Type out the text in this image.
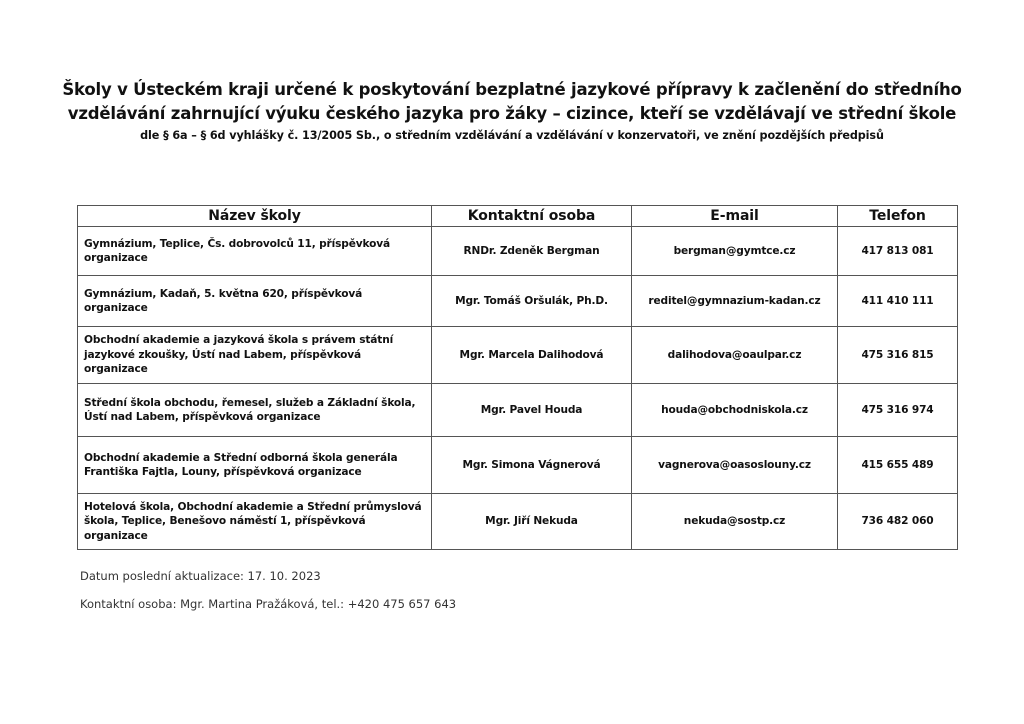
Školy v Ústeckém kraji určené k poskytování bezplatné jazykové přípravy k začlenění do středního vzdělávání zahrnující výuku českého jazyka pro žáky – cizince, kteří se vzdělávají ve střední škole
dle § 6a – § 6d vyhlášky č. 13/2005 Sb., o středním vzdělávání a vzdělávání v konzervatoři, ve znění pozdějších předpisů
Název školy	Kontaktní osoba	E-mail	Telefon
Gymnázium, Teplice, Čs. dobrovolců 11, příspěvková organizace	RNDr. Zdeněk Bergman	bergman@gymtce.cz	417 813 081
Gymnázium, Kadaň, 5. května 620, příspěvková organizace	Mgr. Tomáš Oršulák, Ph.D.	reditel@gymnazium-kadan.cz	411 410 111
Obchodní akademie a jazyková škola s právem státní jazykové zkoušky, Ústí nad Labem, příspěvková organizace	Mgr. Marcela Dalihodová	dalihodova@oaulpar.cz	475 316 815
Střední škola obchodu, řemesel, služeb a Základní škola, Ústí nad Labem, příspěvková organizace	Mgr. Pavel Houda	houda@obchodniskola.cz	475 316 974
Obchodní akademie a Střední odborná škola generála Františka Fajtla, Louny, příspěvková organizace	Mgr. Simona Vágnerová	vagnerova@oasoslouny.cz	415 655 489
Hotelová škola, Obchodní akademie a Střední průmyslová škola, Teplice, Benešovo náměstí 1, příspěvková organizace	Mgr. Jiří Nekuda	nekuda@sostp.cz	736 482 060
Datum poslední aktualizace: 17. 10. 2023
Kontaktní osoba: Mgr. Martina Pražáková, tel.: +420 475 657 643
